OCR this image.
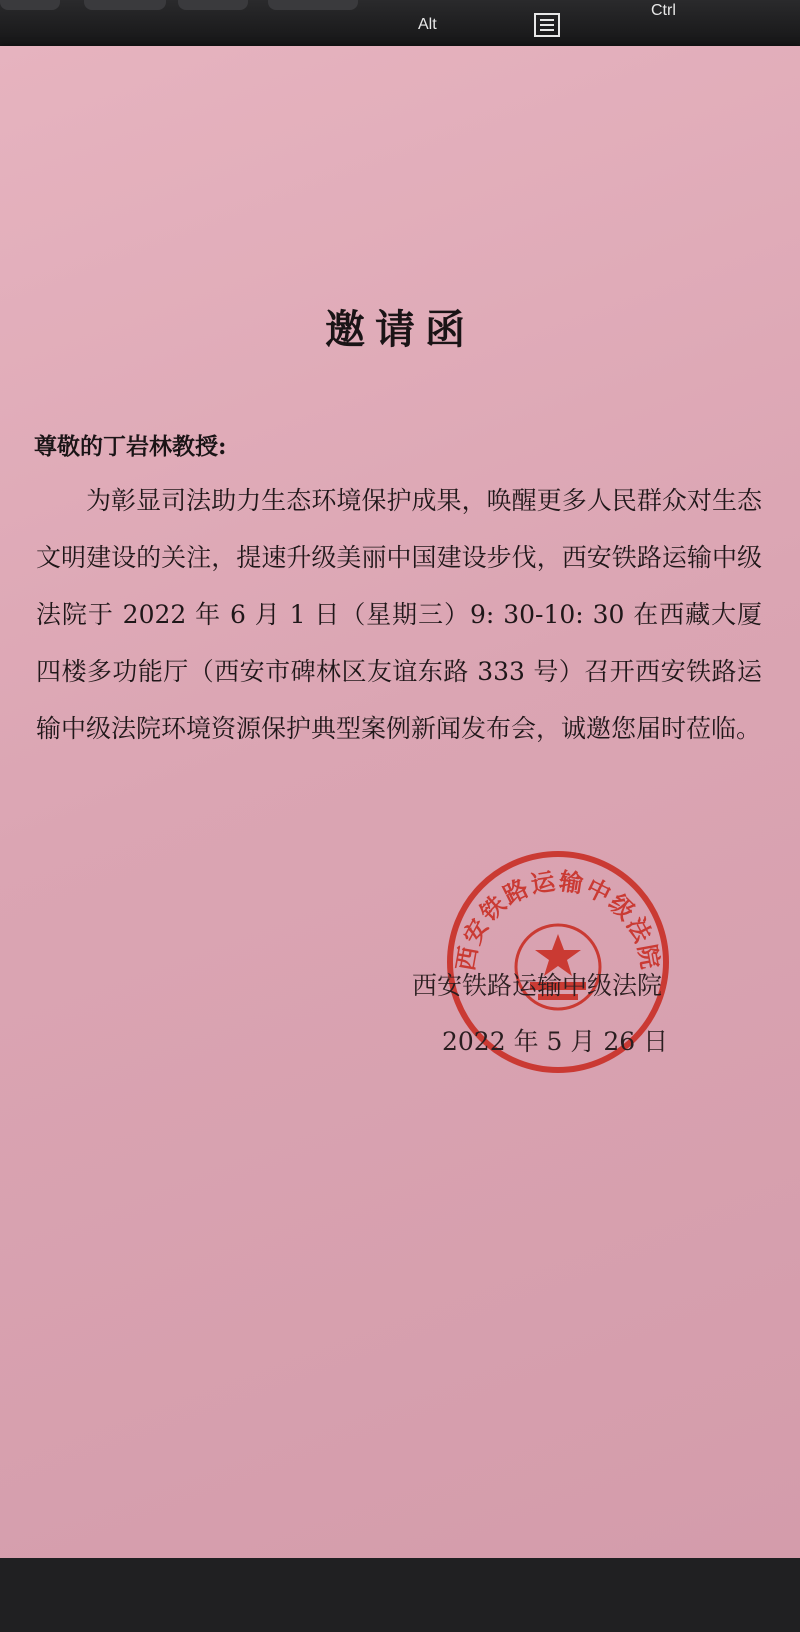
Alt
Ctrl
邀请函
尊敬的丁岩林教授:
为彰显司法助力生态环境保护成果，唤醒更多人民群众对生态文明建设的关注，提速升级美丽中国建设步伐，西安铁路运输中级法院于 2022 年 6 月 1 日（星期三）9: 30-10: 30 在西藏大厦四楼多功能厅（西安市碑林区友谊东路 333 号）召开西安铁路运输中级法院环境资源保护典型案例新闻发布会，诚邀您届时莅临。
西安铁路运输中级法院
西安铁路运输中级法院
2022 年 5 月 26 日
